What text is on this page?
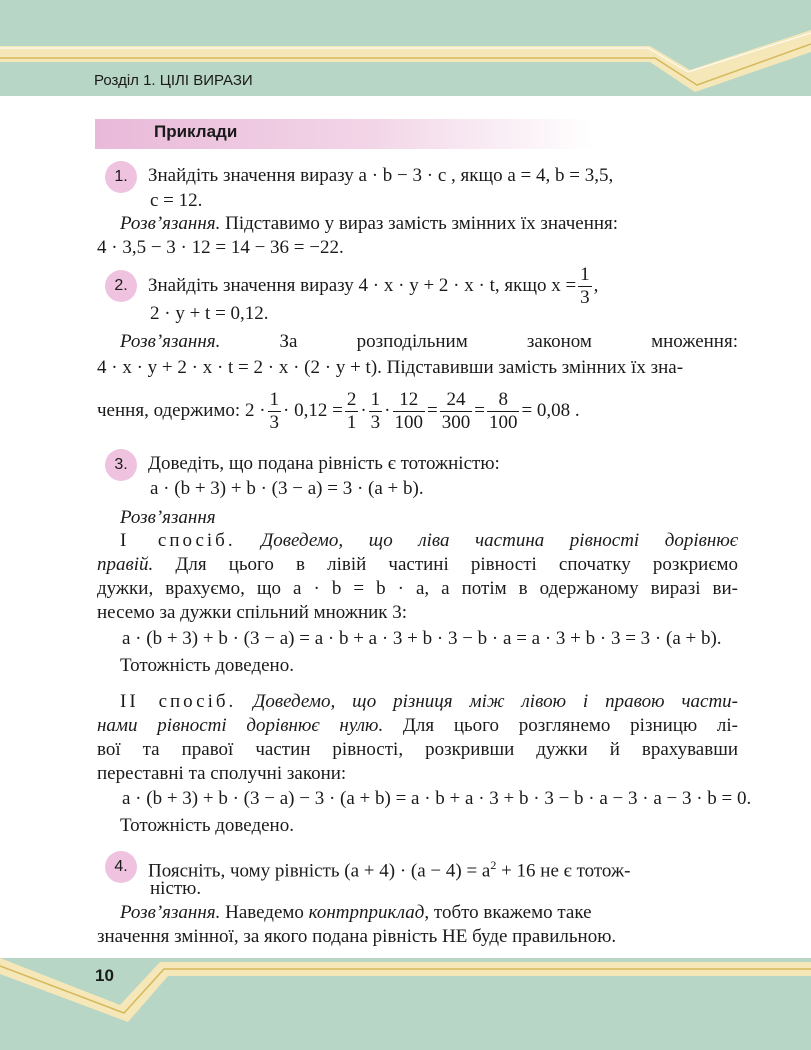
Розділ 1. ЦІЛІ ВИРАЗИ
Приклади
1.	Знайдіть значення виразу a · b − 3 · c , якщо a = 4, b = 3,5,
c = 12.
Розв’язання. Підставимо у вираз замість змінних їх значення:
4 · 3,5 − 3 · 12 = 14 − 36 = −22.
2.	Знайдіть значення виразу 4 · x · y + 2 · x · t, якщо $x = \frac{1}{3}$ ,
2 · y + t = 0,12.
Розв’язання. За розподільним законом множення:
4 · x · y + 2 · x · t = 2 · x · (2 · y + t). Підставивши замість змінних їх зна-
чення, одержимо: $2 \cdot \frac{1}{3} \cdot 0,12 = \frac{2}{1} \cdot \frac{1}{3} \cdot \frac{12}{100} = \frac{24}{300} = \frac{8}{100} = 0,08$ .
3.	Доведіть, що подана рівність є тотожністю:
a · (b + 3) + b · (3 − a) = 3 · (a + b).
Розв’язання
І спосіб. Доведемо, що ліва частина рівності дорівнює
правій. Для цього в лівій частині рівності спочатку розкриємо
дужки, врахуємо, що a · b = b · a, а потім в одержаному виразі ви-
несемо за дужки спільний множник 3:
a · (b + 3) + b · (3 − a) = a · b + a · 3 + b · 3 − b · a = a · 3 + b · 3 = 3 · (a + b).
Тотожність доведено.
ІІ спосіб. Доведемо, що різниця між лівою і правою части-
нами рівності дорівнює нулю. Для цього розглянемо різницю лі-
вої та правої частин рівності, розкривши дужки й врахувавши
переставні та сполучні закони:
a · (b + 3) + b · (3 − a) − 3 · (a + b) = a · b + a · 3 + b · 3 − b · a − 3 · a − 3 · b = 0.
Тотожність доведено.
4.	Поясніть, чому рівність $(a + 4) \cdot (a - 4) = a^2 + 16$ не є тотож-
ністю.
Розв’язання. Наведемо контрприклад, тобто вкажемо таке
значення змінної, за якого подана рівність НЕ буде правильною.
10
